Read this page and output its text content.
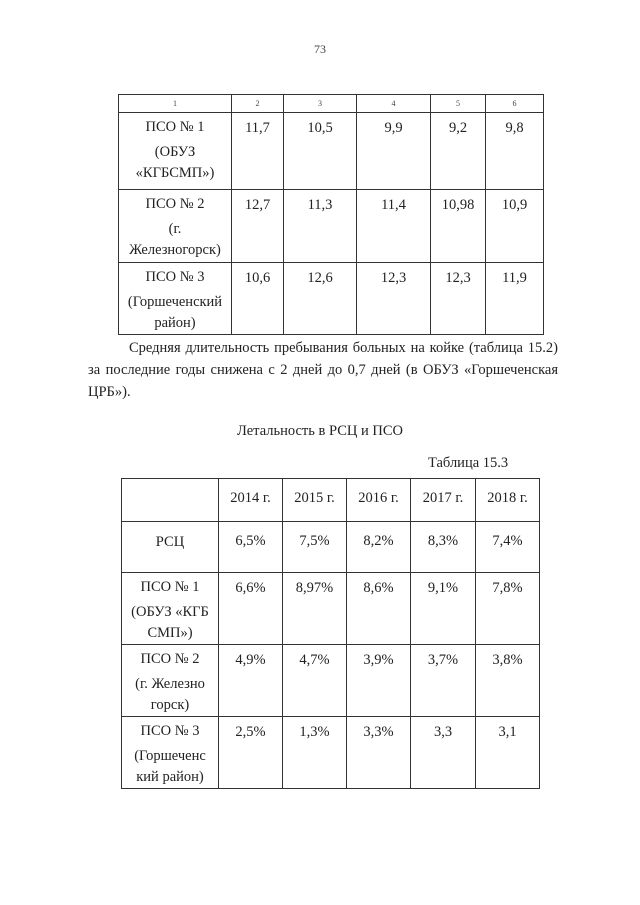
73
1	2	3	4	5	6

ПСО № 1
(ОБУЗ «КГБСМП»)	11,7	10,5	9,9	9,2	9,8

ПСО № 2
(г. Железногорск)	12,7	11,3	11,4	10,98	10,9

ПСО № 3
(Горшеченский район)	10,6	12,6	12,3	12,3	11,9

Средняя длительность пребывания больных на койке (таблица 15.2) за последние годы снижена с 2 дней до 0,7 дней (в ОБУЗ «Горшеченская ЦРБ»).

Летальность в РСЦ и ПСО
Таблица 15.3
	2014 г.	2015 г.	2016 г.	2017 г.	2018 г.

РСЦ	6,5%	7,5%	8,2%	8,3%	7,4%

ПСО № 1
(ОБУЗ «КГБ СМП»)	6,6%	8,97%	8,6%	9,1%	7,8%

ПСО № 2
(г. Железно горск)	4,9%	4,7%	3,9%	3,7%	3,8%

ПСО № 3
(Горшеченс кий район)	2,5%	1,3%	3,3%	3,3	3,1
